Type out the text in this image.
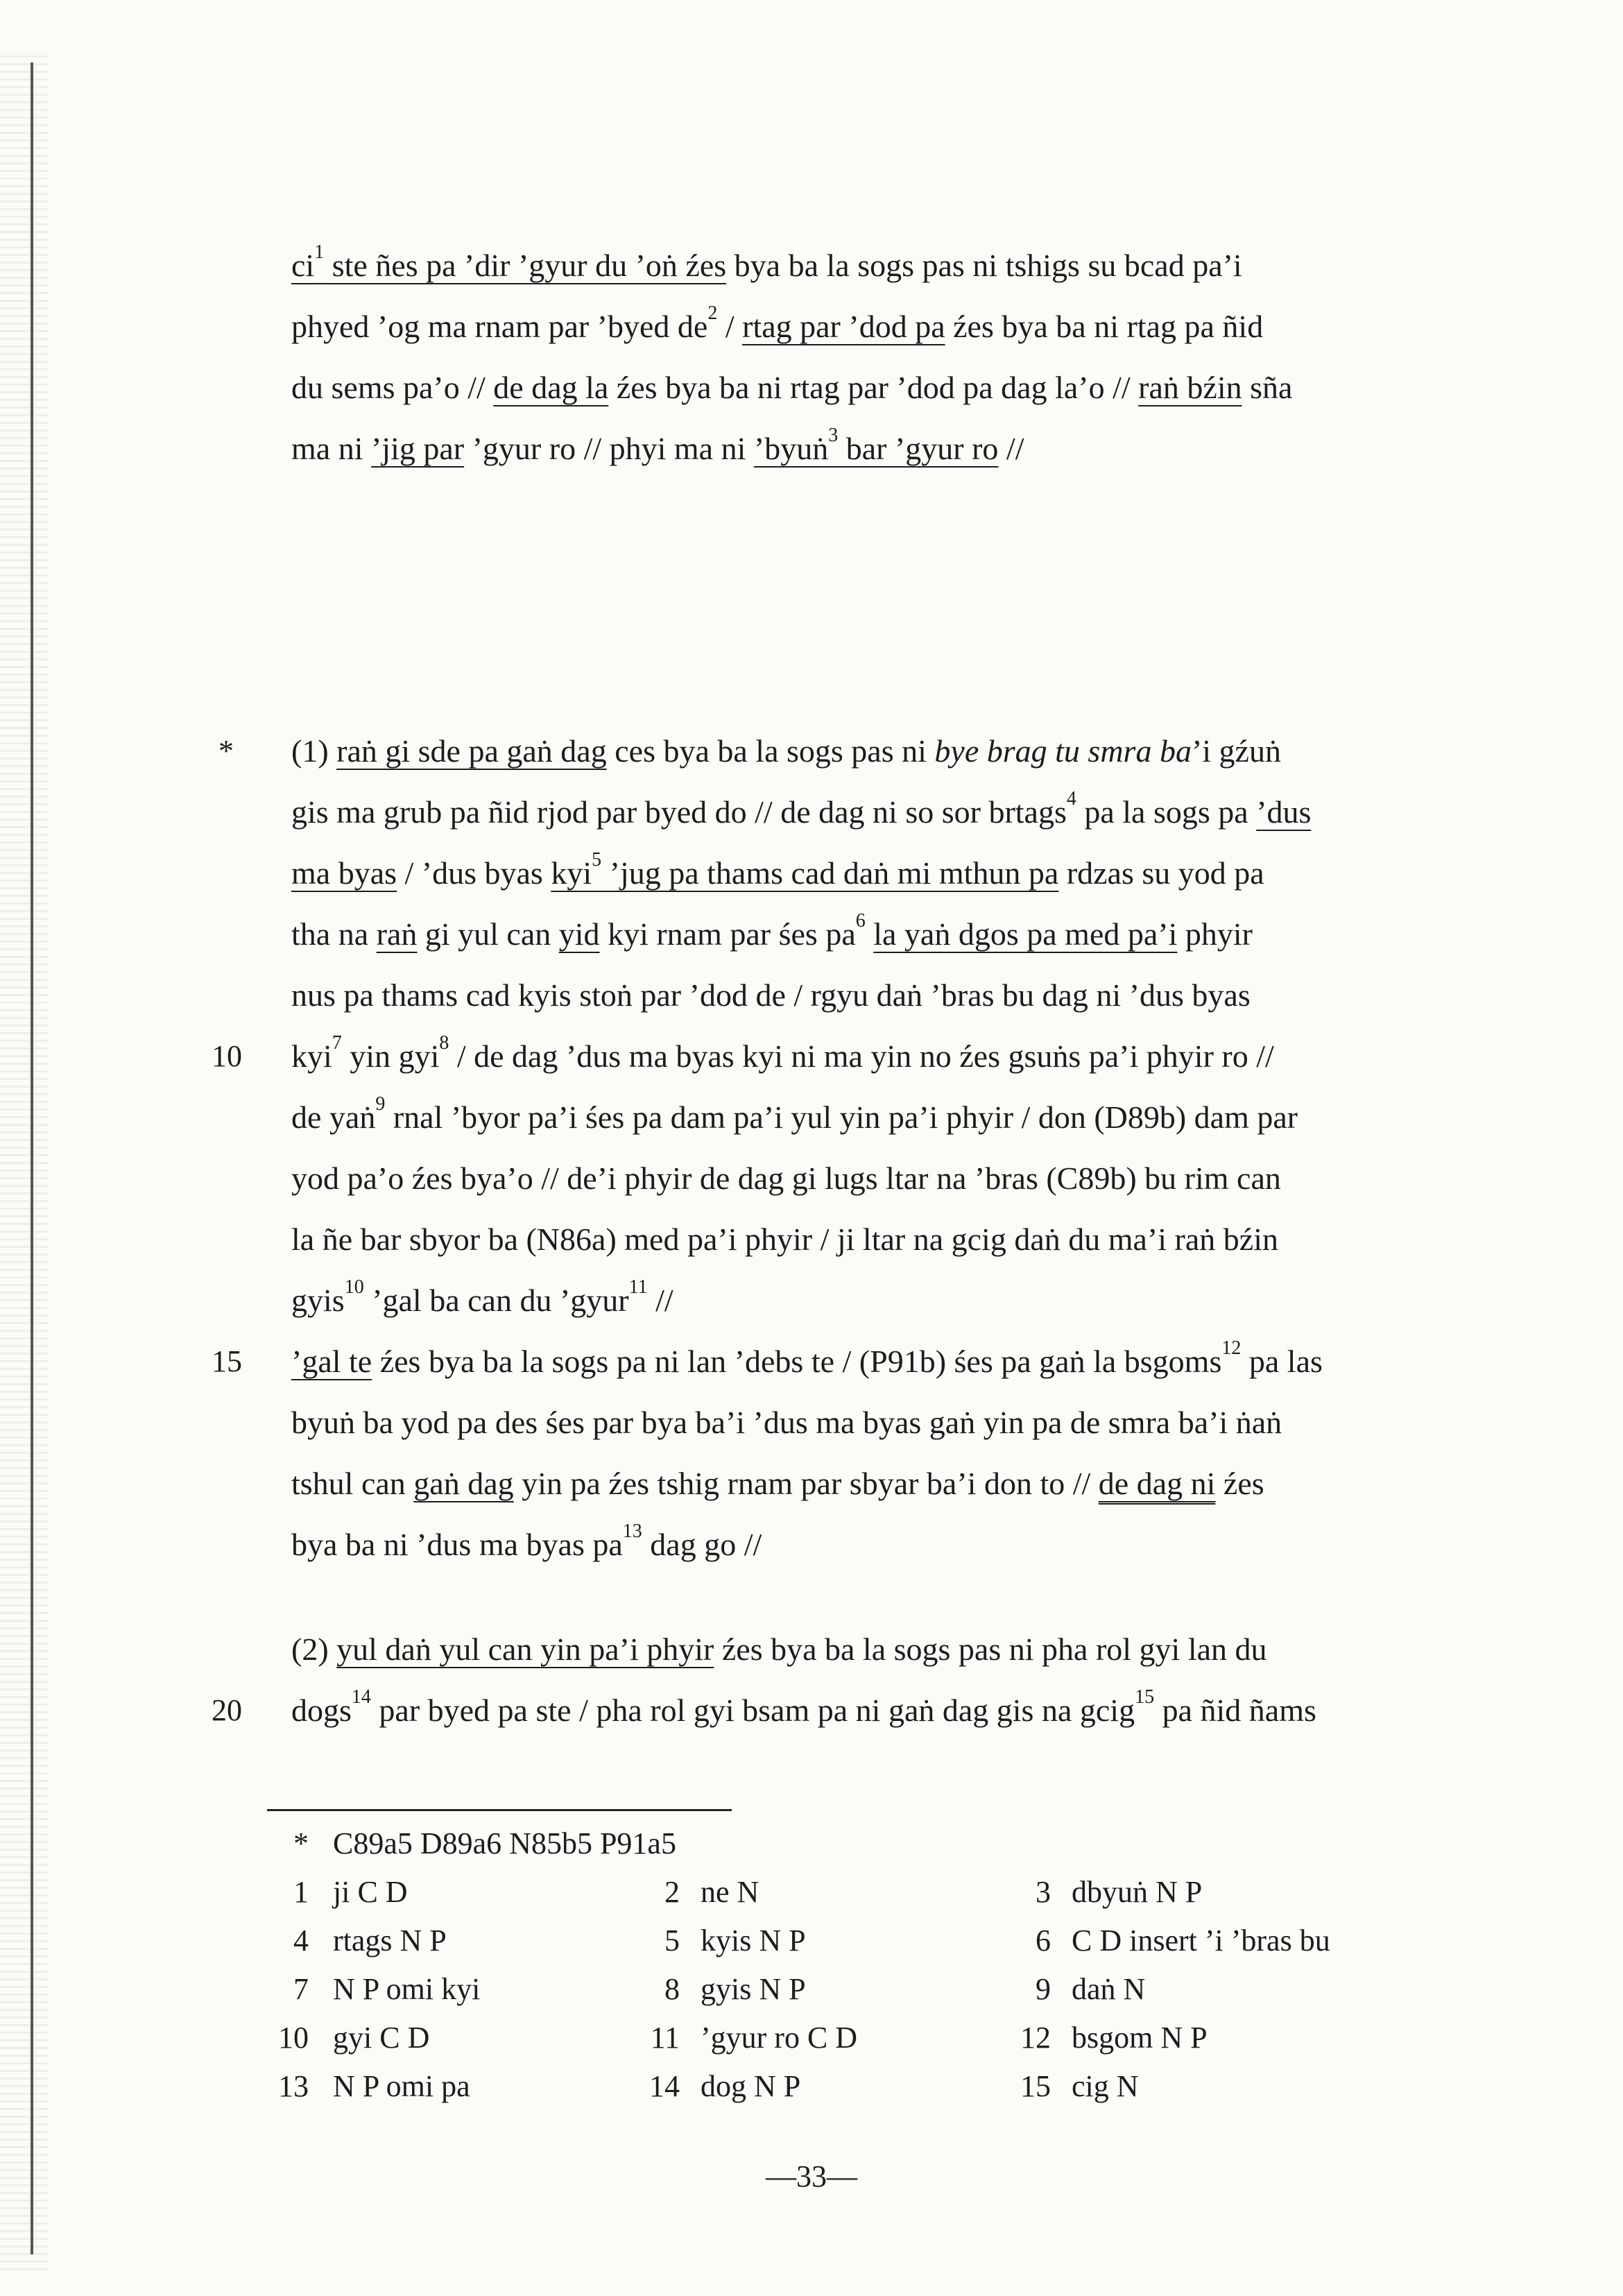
$ci^1$ ste ñes pa ’dir ’gyur du ’oṅ źes bya ba la sogs pas ni tshigs su bcad pa’i
phyed ’og ma rnam par ’byed $de^2$ / rtag par ’dod pa źes bya ba ni rtag pa ñid
du sems pa’o // de dag la źes bya ba ni rtag par ’dod pa dag la’o // raṅ bźin sña
ma ni ’jig par ’gyur ro // phyi ma ni ’byuṅ$^3$ bar ’gyur ro //
(1) raṅ gi sde pa gaṅ dag ces bya ba la sogs pas ni bye brag tu smra ba’i gźuṅ
gis ma grub pa ñid rjod par byed do // de dag ni so sor brtags$^4$ pa la sogs pa ’dus
ma byas / ’dus byas kyi$^5$ ’jug pa thams cad daṅ mi mthun pa rdzas su yod pa
tha na raṅ gi yul can yid kyi rnam par śes $pa^6$ la yaṅ dgos pa med pa’i phyir
nus pa thams cad kyis stoṅ par ’dod de / rgyu daṅ ’bras bu dag ni ’dus byas
kyi$^7$ yin gyi$^8$ / de dag ’dus ma byas kyi ni ma yin no źes gsuṅs pa’i phyir ro //
de yaṅ$^9$ rnal ’byor pa’i śes pa dam pa’i yul yin pa’i phyir / don (D89b) dam par
yod pa’o źes bya’o // de’i phyir de dag gi lugs ltar na ’bras (C89b) bu rim can
la ñe bar sbyor ba (N86a) med pa’i phyir / ji ltar na gcig daṅ du ma’i raṅ bźin
gyis$^{10}$ ’gal ba can du ’gyur$^{11}$ //
’gal te źes bya ba la sogs pa ni lan ’debs te / (P91b) śes pa gaṅ la bsgoms$^{12}$ pa las
byuṅ ba yod pa des śes par bya ba’i ’dus ma byas gaṅ yin pa de smra ba’i ṅaṅ
tshul can gaṅ dag yin pa źes tshig rnam par sbyar ba’i don to // de dag ni źes
bya ba ni ’dus ma byas $pa^{13}$ dag go //
(2) yul daṅ yul can yin pa’i phyir źes bya ba la sogs pas ni pha rol gyi lan du
dogs$^{14}$ par byed pa ste / pha rol gyi bsam pa ni gaṅ dag gis na gcig$^{15}$ pa ñid ñams
*
10
15
20
* C89a5 D89a6 N85b5 P91a5
1 ji C D	2 ne N	3 dbyuṅ N P
4 rtags N P	5 kyis N P	6 C D insert ’i ’bras bu
7 N P omi kyi	8 gyis N P	9 daṅ N
10 gyi C D	11 ’gyur ro C D	12 bsgom N P
13 N P omi pa	14 dog N P	15 cig N
—33—
